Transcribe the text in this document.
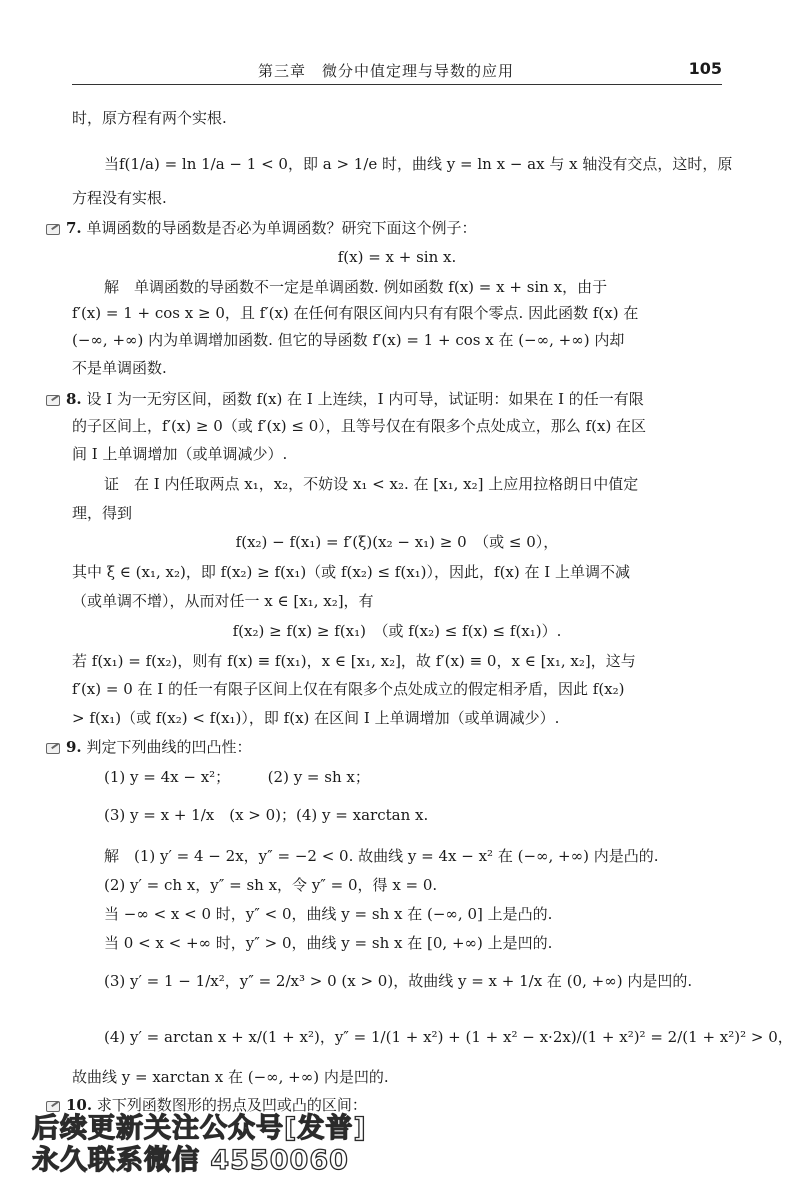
第三章　微分中值定理与导数的应用	105
时，原方程有两个实根.
当f(1/a) = ln 1/a − 1 < 0，即 a > 1/e 时，曲线 y = ln x − ax 与 x 轴没有交点，这时，原
方程没有实根.
7. 单调函数的导函数是否必为单调函数？研究下面这个例子：
f(x) = x + sin x.
解　单调函数的导函数不一定是单调函数. 例如函数 f(x) = x + sin x，由于
f′(x) = 1 + cos x ≥ 0，且 f′(x) 在任何有限区间内只有有限个零点. 因此函数 f(x) 在
(−∞, +∞) 内为单调增加函数. 但它的导函数 f′(x) = 1 + cos x 在 (−∞, +∞) 内却
不是单调函数.
8. 设 I 为一无穷区间，函数 f(x) 在 I 上连续，I 内可导，试证明：如果在 I 的任一有限
的子区间上，f′(x) ≥ 0（或 f′(x) ≤ 0），且等号仅在有限多个点处成立，那么 f(x) 在区
间 I 上单调增加（或单调减少）.
证　在 I 内任取两点 x₁，x₂，不妨设 x₁ < x₂. 在 [x₁, x₂] 上应用拉格朗日中值定
理，得到
f(x₂) − f(x₁) = f′(ξ)(x₂ − x₁) ≥ 0　（或 ≤ 0），
其中 ξ ∈ (x₁, x₂)，即 f(x₂) ≥ f(x₁)（或 f(x₂) ≤ f(x₁)），因此，f(x) 在 I 上单调不减
（或单调不增），从而对任一 x ∈ [x₁, x₂]，有
f(x₂) ≥ f(x) ≥ f(x₁)　（或 f(x₂) ≤ f(x) ≤ f(x₁)）.
若 f(x₁) = f(x₂)，则有 f(x) ≡ f(x₁)，x ∈ [x₁, x₂]，故 f′(x) ≡ 0，x ∈ [x₁, x₂]，这与
f′(x) = 0 在 I 的任一有限子区间上仅在有限多个点处成立的假定相矛盾，因此 f(x₂)
> f(x₁)（或 f(x₂) < f(x₁)），即 f(x) 在区间 I 上单调增加（或单调减少）.
9. 判定下列曲线的凹凸性：
(1) y = 4x − x²；　　　(2) y = sh x；
(3) y = x + 1/x　(x > 0)；(4) y = xarctan x.
解　(1) y′ = 4 − 2x，y″ = −2 < 0. 故曲线 y = 4x − x² 在 (−∞, +∞) 内是凸的.
(2) y′ = ch x，y″ = sh x，令 y″ = 0，得 x = 0.
当 −∞ < x < 0 时，y″ < 0，曲线 y = sh x 在 (−∞, 0] 上是凸的.
当 0 < x < +∞ 时，y″ > 0，曲线 y = sh x 在 [0, +∞) 上是凹的.
(3) y′ = 1 − 1/x²，y″ = 2/x³ > 0 (x > 0)，故曲线 y = x + 1/x 在 (0, +∞) 内是凹的.
(4) y′ = arctan x + x/(1 + x²)，y″ = 1/(1 + x²) + (1 + x² − x·2x)/(1 + x²)² = 2/(1 + x²)² > 0，
故曲线 y = xarctan x 在 (−∞, +∞) 内是凹的.
10. 求下列函数图形的拐点及凹或凸的区间：
后续更新关注公众号[发普]
永久联系微信 4550060
